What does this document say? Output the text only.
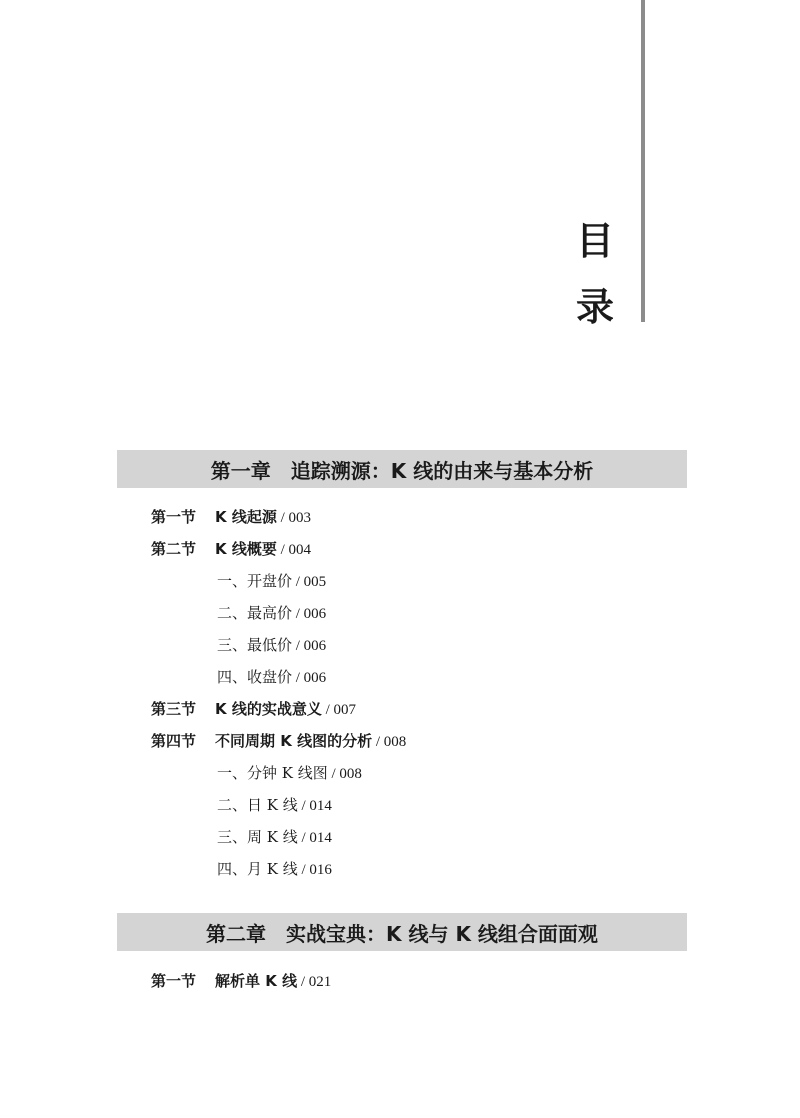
目
录
第一章　追踪溯源：K 线的由来与基本分析
第一节 K 线起源 / 003
第二节 K 线概要 / 004
一、开盘价 / 005
二、最高价 / 006
三、最低价 / 006
四、收盘价 / 006
第三节 K 线的实战意义 / 007
第四节 不同周期 K 线图的分析 / 008
一、分钟 K 线图 / 008
二、日 K 线 / 014
三、周 K 线 / 014
四、月 K 线 / 016
第二章　实战宝典：K 线与 K 线组合面面观
第一节 解析单 K 线 / 021
